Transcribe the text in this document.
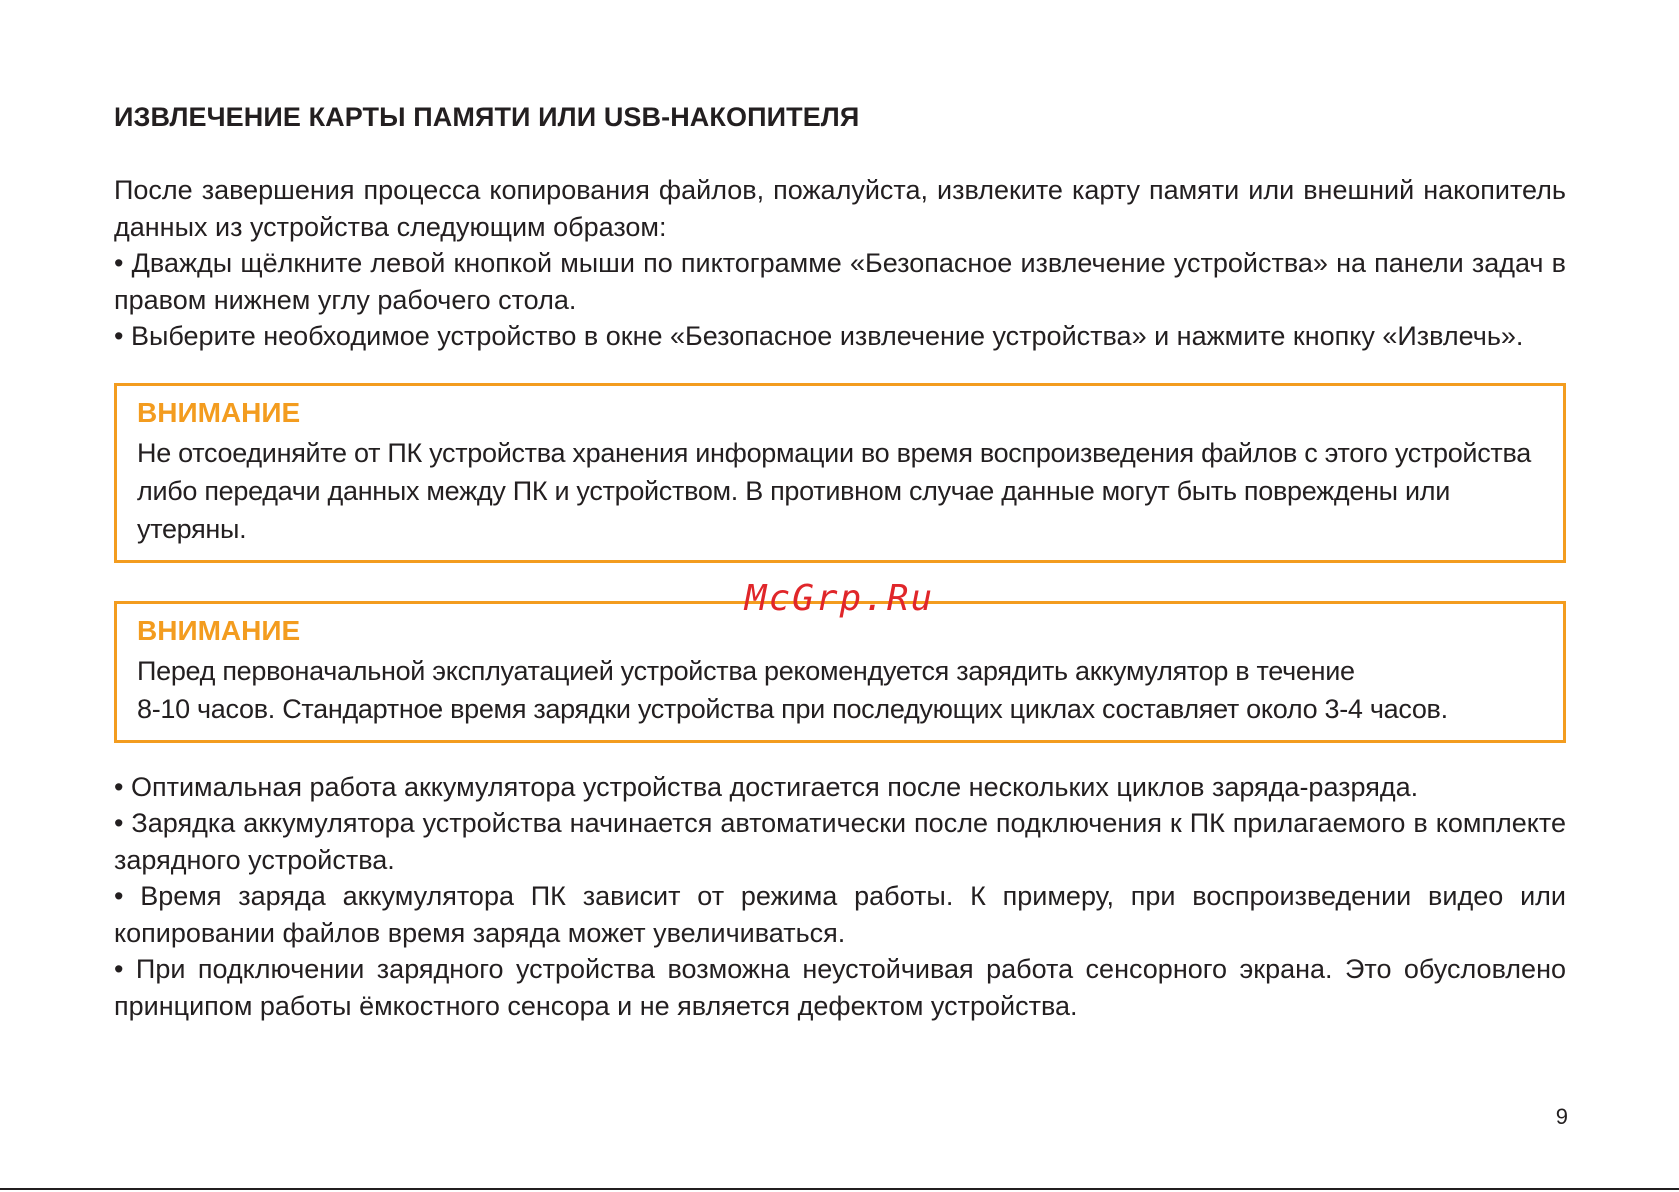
ИЗВЛЕЧЕНИЕ КАРТЫ ПАМЯТИ ИЛИ USB-НАКОПИТЕЛЯ

После завершения процесса копирования файлов, пожалуйста, извлеките карту памяти или внешний накопитель данных из устройства следующим образом:

• Дважды щёлкните левой кнопкой мыши по пиктограмме «Безопасное извлечение устройства» на панели задач в правом нижнем углу рабочего стола.

• Выберите необходимое устройство в окне «Безопасное извлечение устройства» и нажмите кнопку «Извлечь».

ВНИМАНИЕ

Не отсоединяйте от ПК устройства хранения информации во время воспроизведения файлов с этого устройства либо передачи данных между ПК и устройством. В противном случае данные могут быть повреждены или утеряны.

ВНИМАНИЕ

Перед первоначальной эксплуатацией устройства рекомендуется зарядить аккумулятор в течение

8-10 часов. Стандартное время зарядки устройства при последующих циклах составляет около 3-4 часов.

• Оптимальная работа аккумулятора устройства достигается после нескольких циклов заряда-разряда.

• Зарядка аккумулятора устройства начинается автоматически после подключения к ПК прилагаемого в комплекте зарядного устройства.

• Время заряда аккумулятора ПК зависит от режима работы. К примеру, при воспроизведении видео или копировании файлов время заряда может увеличиваться.

• При подключении зарядного устройства возможна неустойчивая работа сенсорного экрана. Это обусловлено принципом работы ёмкостного сенсора и не является дефектом устройства.

McGrp.Ru
9
